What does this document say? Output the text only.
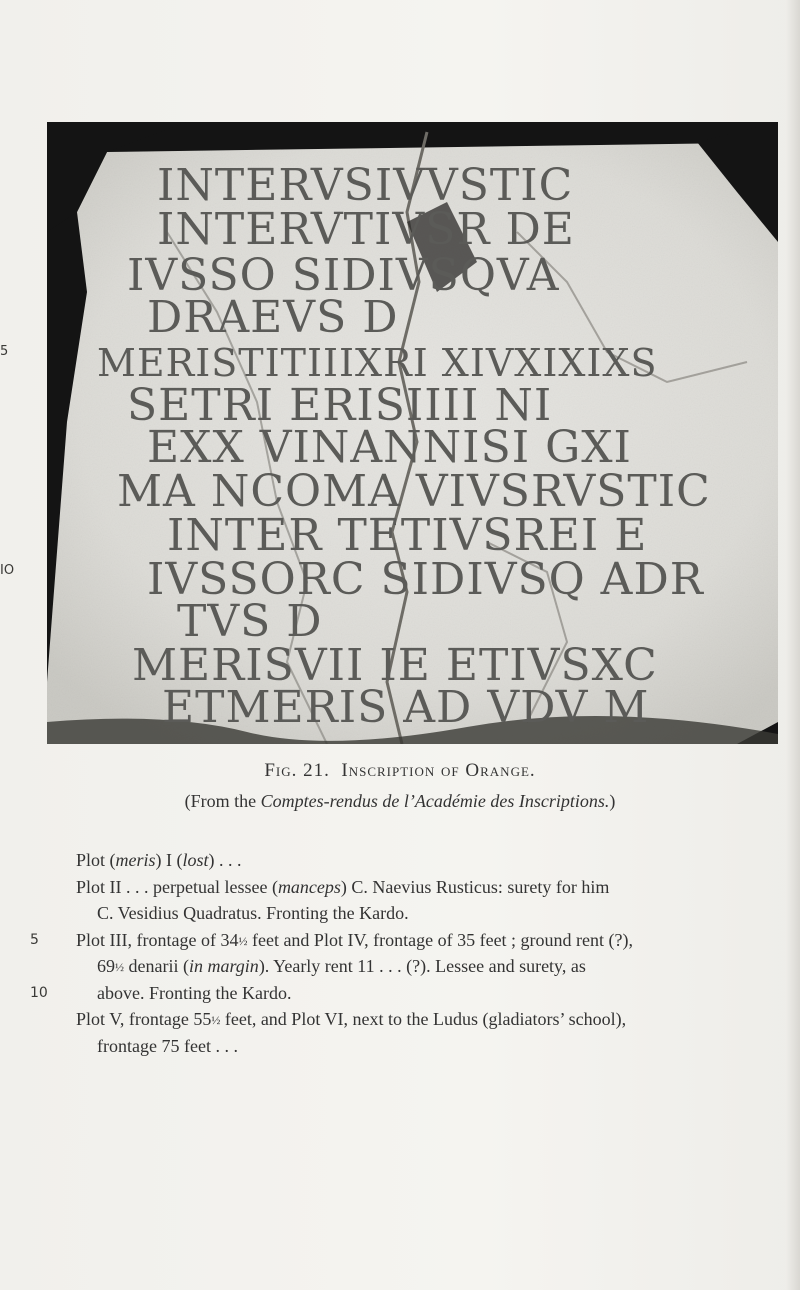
5
IO
INTERVSIVVSTIC
INTERVTIVSR DE
IVSSO SIDIVSQVA
DRAEVS D
MERISTITIIIXRI XIVXIXIXS
SETRI ERISIIII NI
EXX VINANNISI GXI
MA NCOMA VIVSRVSTIC
INTER TETIVSREI E
IVSSORC SIDIVSQ ADR
TVS D
MERISVII IE ETIVSXC
ETMERIS AD VDV M
Fig. 21. Inscription of Orange.
(From the Comptes-rendus de l’Académie des Inscriptions.)
Plot (meris) I (lost) . . .
Plot II . . . perpetual lessee (manceps) C. Naevius Rusticus: surety for him
C. Vesidius Quadratus. Fronting the Kardo.
5 Plot III, frontage of 34½ feet and Plot IV, frontage of 35 feet ; ground rent (?),
69½ denarii (in margin). Yearly rent 11 . . . (?). Lessee and surety, as
10	above. Fronting the Kardo.
Plot V, frontage 55½ feet, and Plot VI, next to the Ludus (gladiators’ school),
frontage 75 feet . . .
